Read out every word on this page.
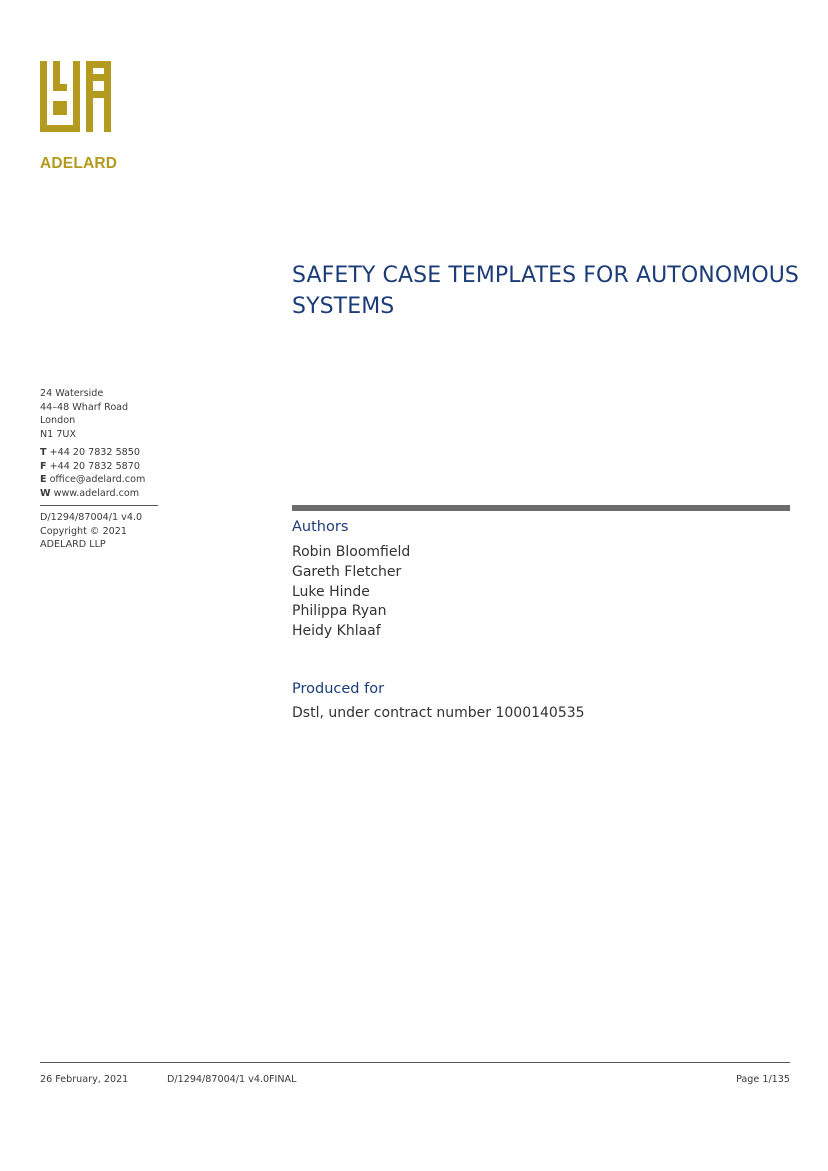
ADELARD
SAFETY CASE TEMPLATES FOR AUTONOMOUS SYSTEMS
24 Waterside
44–48 Wharf Road
London
N1 7UX
T +44 20 7832 5850
F +44 20 7832 5870
E office@adelard.com
W www.adelard.com
D/1294/87004/1 v4.0
Copyright © 2021
ADELARD LLP
Authors
Robin Bloomfield
Gareth Fletcher
Luke Hinde
Philippa Ryan
Heidy Khlaaf
Produced for
Dstl, under contract number 1000140535
26 February, 2021	D/1294/87004/1 v4.0 FINAL	Page 1/135
